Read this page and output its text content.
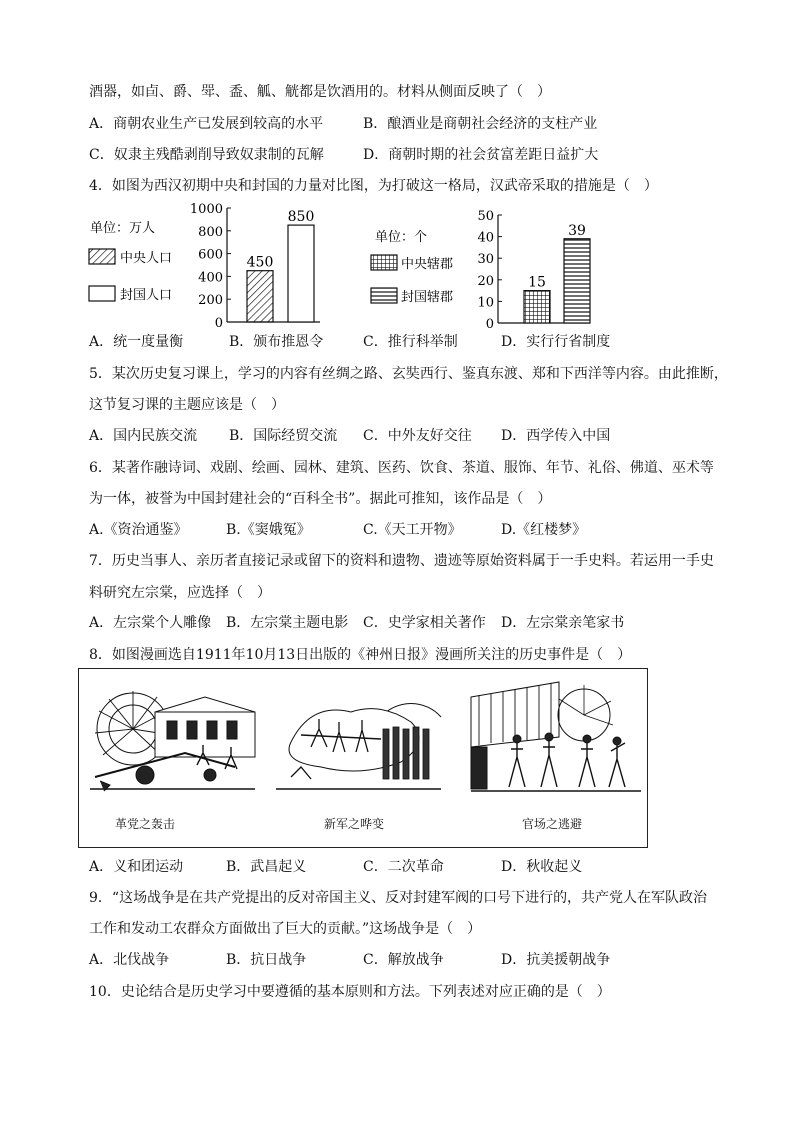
酒器，如卣、爵、斝、盉、觚、觥都是饮酒用的。材料从侧面反映了（　）
A．商朝农业生产已发展到较高的水平	B．酿酒业是商朝社会经济的支柱产业
C．奴隶主残酷剥削导致奴隶制的瓦解	D．商朝时期的社会贫富差距日益扩大
4．如图为西汉初期中央和封国的力量对比图，为打破这一格局，汉武帝采取的措施是（　）
单位：万人
中央人口
封国人口
0
200
400
600
800
1000
450
850
单位：个
中央辖郡
封国辖郡
0
10
20
30
40
50
15
39
A．统一度量衡	B．颁布推恩令	C．推行科举制	D．实行行省制度
5．某次历史复习课上，学习的内容有丝绸之路、玄奘西行、鉴真东渡、郑和下西洋等内容。由此推断，
这节复习课的主题应该是（　）
A．国内民族交流 B．国际经贸交流 C．中外友好交往 D．西学传入中国
6．某著作融诗词、戏剧、绘画、园林、建筑、医药、饮食、茶道、服饰、年节、礼俗、佛道、巫术等
为一体，被誉为中国封建社会的“百科全书”。据此可推知，该作品是（　）
A.《资治通鉴》	B.《窦娥冤》	C.《天工开物》	D.《红楼梦》
7．历史当事人、亲历者直接记录或留下的资料和遗物、遗迹等原始资料属于一手史料。若运用一手史
料研究左宗棠，应选择（　）
A．左宗棠个人雕像 B．左宗棠主题电影 C．史学家相关著作 D．左宗棠亲笔家书
8．如图漫画选自1911年10月13日出版的《神州日报》漫画所关注的历史事件是（　）
革党之轰击	新军之哗变	官场之逃避
A．义和团运动	B．武昌起义	C．二次革命	D．秋收起义
9．“这场战争是在共产党提出的反对帝国主义、反对封建军阀的口号下进行的，共产党人在军队政治
工作和发动工农群众方面做出了巨大的贡献。”这场战争是（　）
A．北伐战争	B．抗日战争	C．解放战争	D．抗美援朝战争
10．史论结合是历史学习中要遵循的基本原则和方法。下列表述对应正确的是（　）
